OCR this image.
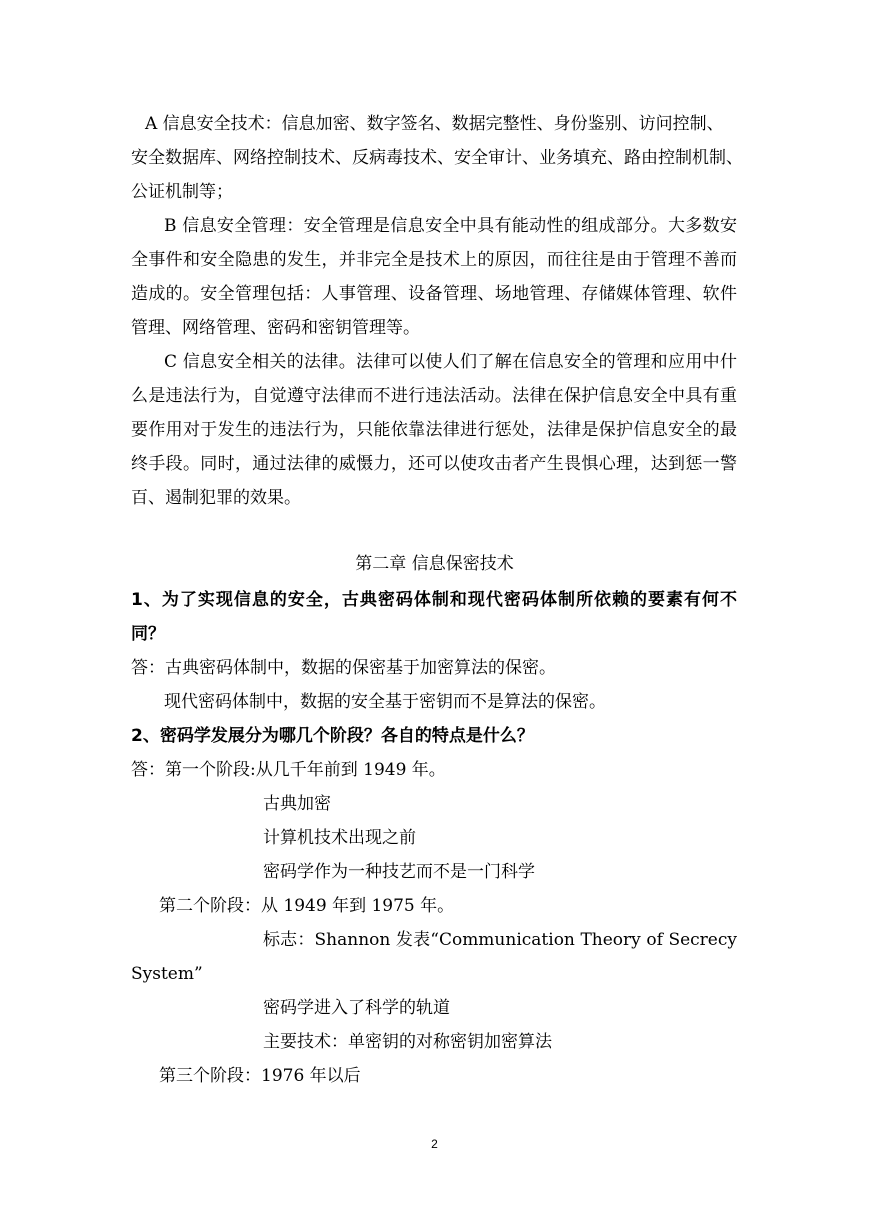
A 信息安全技术：信息加密、数字签名、数据完整性、身份鉴别、访问控制、
安全数据库、网络控制技术、反病毒技术、安全审计、业务填充、路由控制机制、
公证机制等；
B 信息安全管理：安全管理是信息安全中具有能动性的组成部分。大多数安
全事件和安全隐患的发生，并非完全是技术上的原因，而往往是由于管理不善而
造成的。安全管理包括：人事管理、设备管理、场地管理、存储媒体管理、软件
管理、网络管理、密码和密钥管理等。
C 信息安全相关的法律。法律可以使人们了解在信息安全的管理和应用中什
么是违法行为，自觉遵守法律而不进行违法活动。法律在保护信息安全中具有重
要作用对于发生的违法行为，只能依靠法律进行惩处，法律是保护信息安全的最
终手段。同时，通过法律的威慑力，还可以使攻击者产生畏惧心理，达到惩一警
百、遏制犯罪的效果。
第二章 信息保密技术
1、为了实现信息的安全，古典密码体制和现代密码体制所依赖的要素有何不
同？
答：古典密码体制中，数据的保密基于加密算法的保密。
现代密码体制中，数据的安全基于密钥而不是算法的保密。
2、密码学发展分为哪几个阶段？各自的特点是什么？
答：第一个阶段:从几千年前到 1949 年。
古典加密
计算机技术出现之前
密码学作为一种技艺而不是一门科学
第二个阶段：从 1949 年到 1975 年。
标志：Shannon 发表“Communication Theory of Secrecy
System”
密码学进入了科学的轨道
主要技术：单密钥的对称密钥加密算法
第三个阶段：1976 年以后
2
